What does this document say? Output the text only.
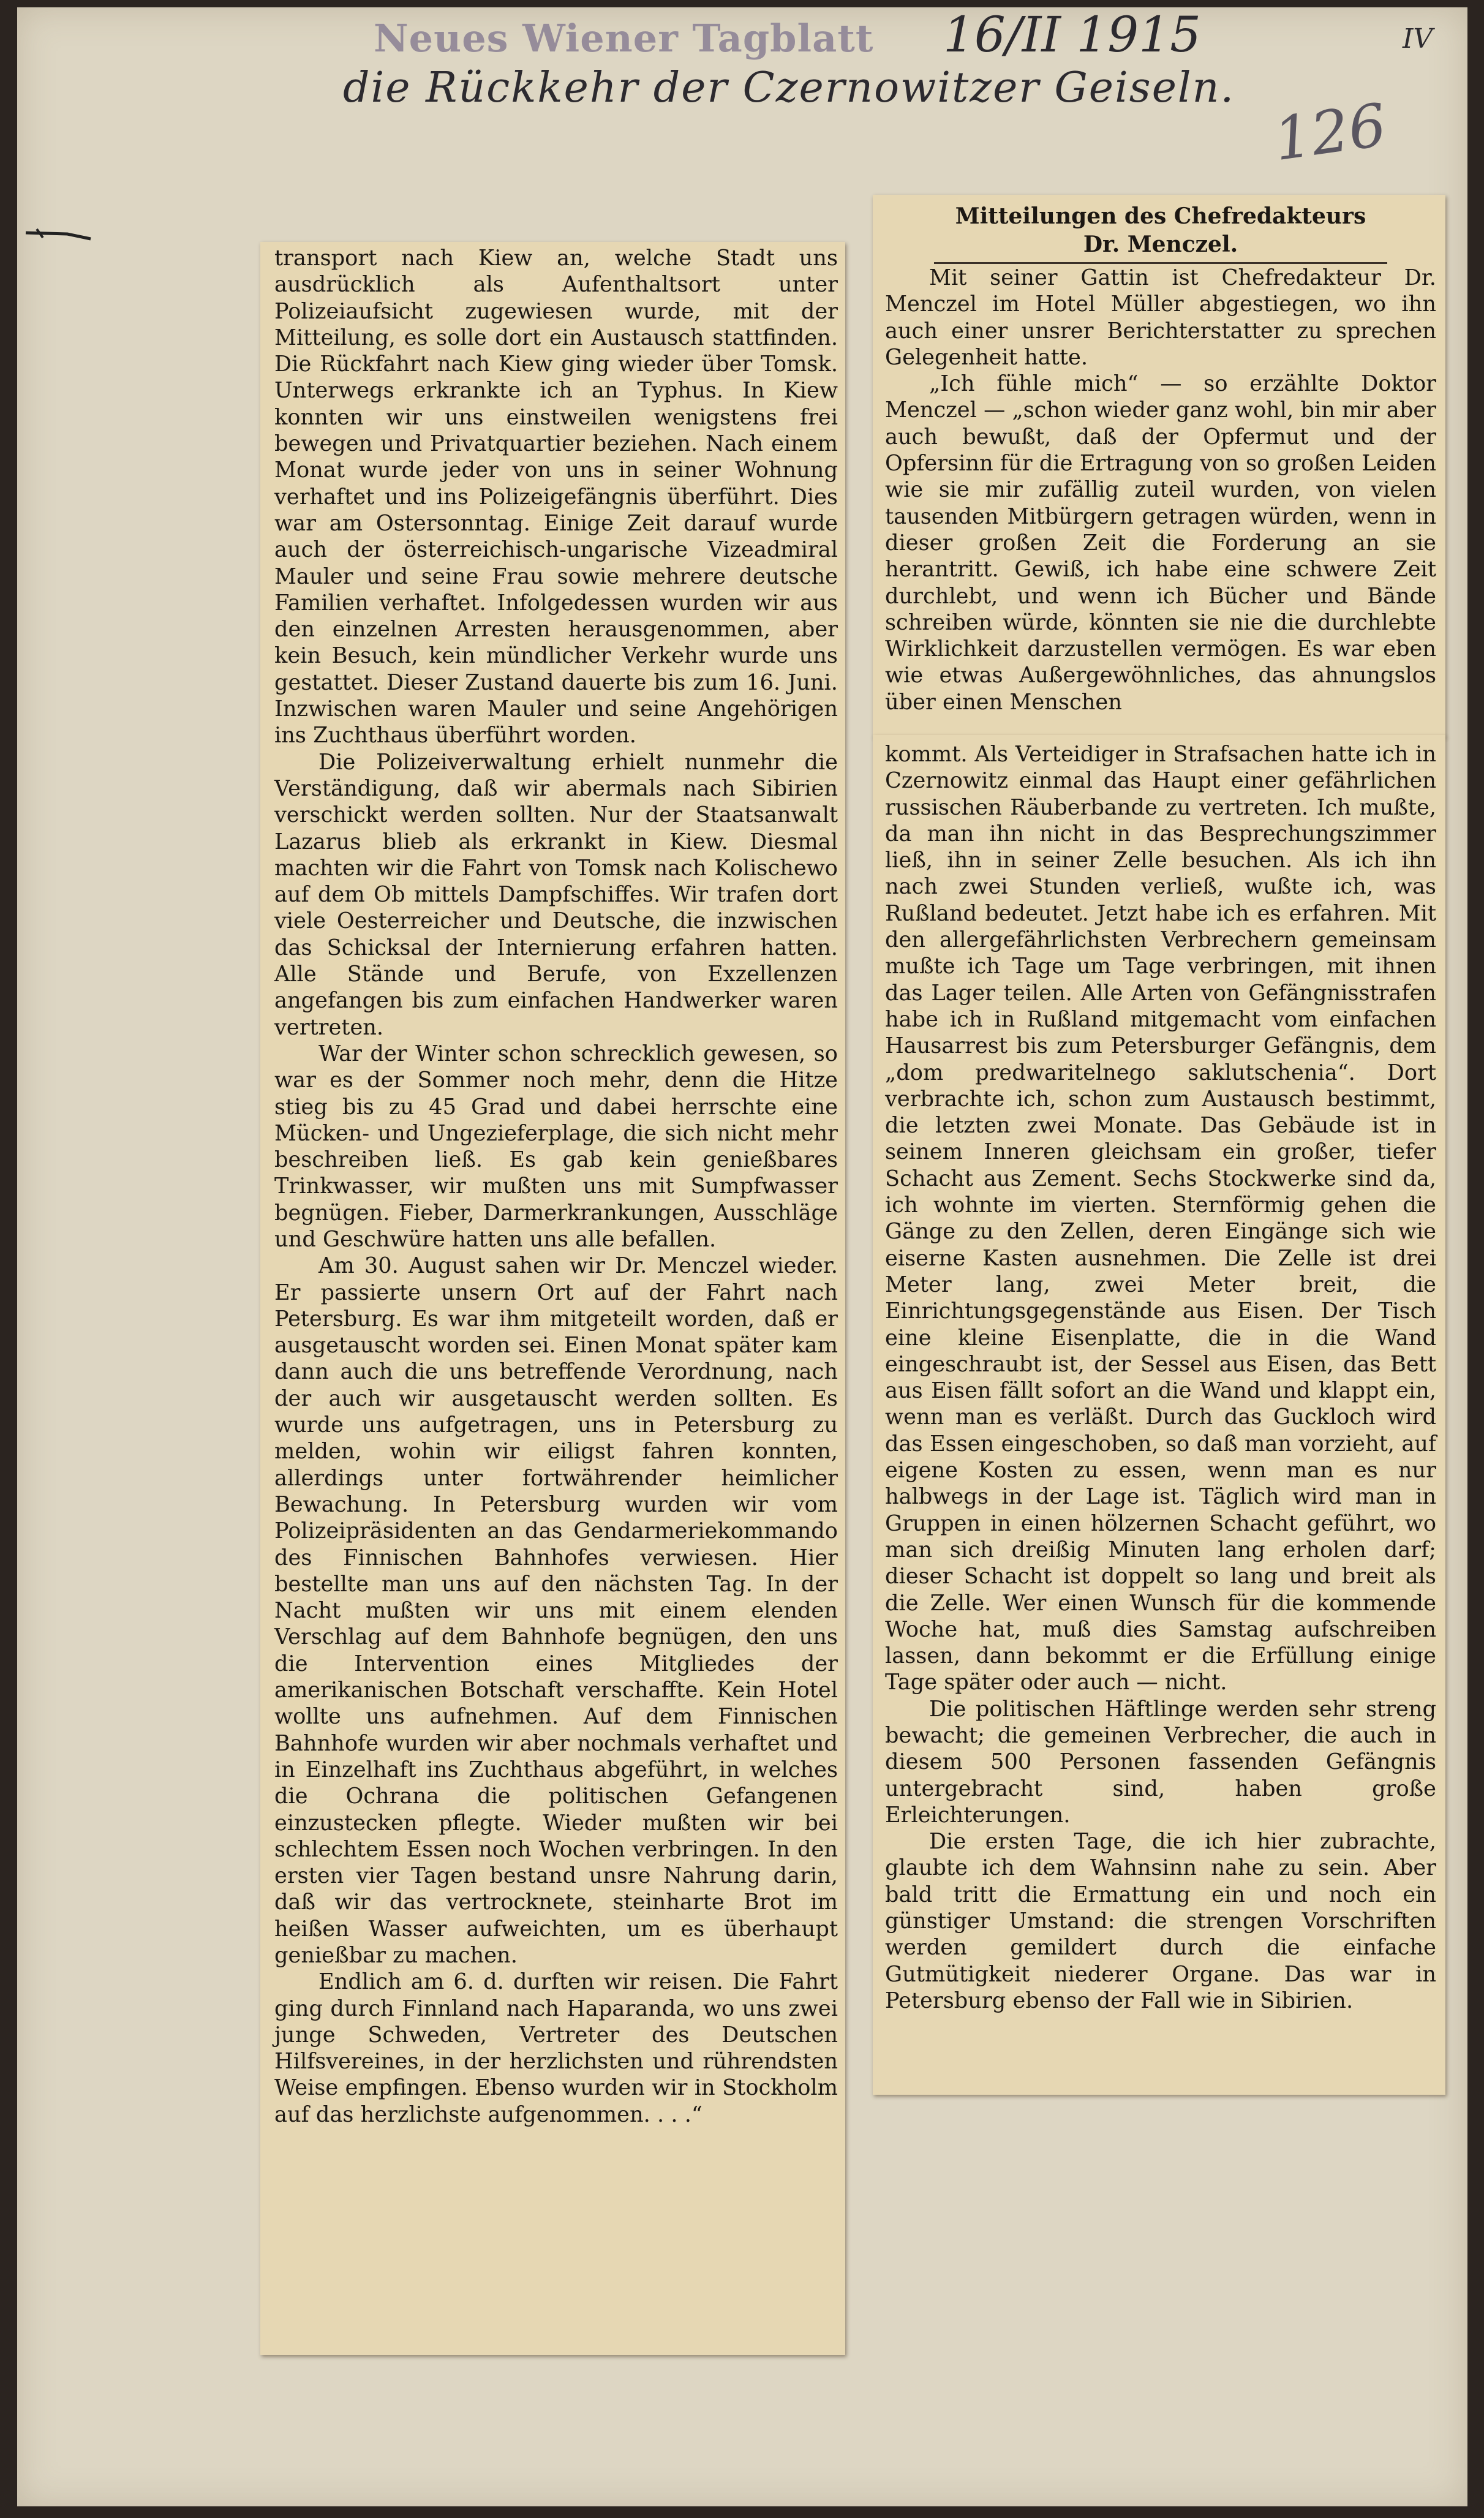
Neues Wiener Tagblatt 16/II 1915	IV
die Rückkehr der Czernowitzer Geiseln.
126

transport nach Kiew an, welche Stadt uns ausdrücklich als Aufenthaltsort unter Polizeiaufsicht zugewiesen wurde, mit der Mitteilung, es solle dort ein Austausch stattfinden. Die Rückfahrt nach Kiew ging wieder über Tomsk. Unterwegs erkrankte ich an Typhus. In Kiew konnten wir uns einstweilen wenigstens frei bewegen und Privatquartier beziehen. Nach einem Monat wurde jeder von uns in seiner Wohnung verhaftet und ins Polizeigefängnis überführt. Dies war am Ostersonntag. Einige Zeit darauf wurde auch der österreichisch-ungarische Vizeadmiral Mauler und seine Frau sowie mehrere deutsche Familien verhaftet. Infolgedessen wurden wir aus den einzelnen Arresten herausgenommen, aber kein Besuch, kein mündlicher Verkehr wurde uns gestattet. Dieser Zustand dauerte bis zum 16. Juni. Inzwischen waren Mauler und seine Angehörigen ins Zuchthaus überführt worden.

Die Polizeiverwaltung erhielt nunmehr die Verständigung, daß wir abermals nach Sibirien verschickt werden sollten. Nur der Staatsanwalt Lazarus blieb als erkrankt in Kiew. Diesmal machten wir die Fahrt von Tomsk nach Kolischewo auf dem Ob mittels Dampfschiffes. Wir trafen dort viele Oesterreicher und Deutsche, die inzwischen das Schicksal der Internierung erfahren hatten. Alle Stände und Berufe, von Exzellenzen angefangen bis zum einfachen Handwerker waren vertreten.

War der Winter schon schrecklich gewesen, so war es der Sommer noch mehr, denn die Hitze stieg bis zu 45 Grad und dabei herrschte eine Mücken- und Ungezieferplage, die sich nicht mehr beschreiben ließ. Es gab kein genießbares Trinkwasser, wir mußten uns mit Sumpfwasser begnügen. Fieber, Darmerkrankungen, Ausschläge und Geschwüre hatten uns alle befallen.

Am 30. August sahen wir Dr. Menczel wieder. Er passierte unsern Ort auf der Fahrt nach Petersburg. Es war ihm mitgeteilt worden, daß er ausgetauscht worden sei. Einen Monat später kam dann auch die uns betreffende Verordnung, nach der auch wir ausgetauscht werden sollten. Es wurde uns aufgetragen, uns in Petersburg zu melden, wohin wir eiligst fahren konnten, allerdings unter fortwährender heimlicher Bewachung. In Petersburg wurden wir vom Polizeipräsidenten an das Gendarmeriekommando des Finnischen Bahnhofes verwiesen. Hier bestellte man uns auf den nächsten Tag. In der Nacht mußten wir uns mit einem elenden Verschlag auf dem Bahnhofe begnügen, den uns die Intervention eines Mitgliedes der amerikanischen Botschaft verschaffte. Kein Hotel wollte uns aufnehmen. Auf dem Finnischen Bahnhofe wurden wir aber nochmals verhaftet und in Einzelhaft ins Zuchthaus abgeführt, in welches die Ochrana die politischen Gefangenen einzustecken pflegte. Wieder mußten wir bei schlechtem Essen noch Wochen verbringen. In den ersten vier Tagen bestand unsre Nahrung darin, daß wir das vertrocknete, steinharte Brot im heißen Wasser aufweichten, um es überhaupt genießbar zu machen.

Endlich am 6. d. durften wir reisen. Die Fahrt ging durch Finnland nach Haparanda, wo uns zwei junge Schweden, Vertreter des Deutschen Hilfsvereines, in der herzlichsten und rührendsten Weise empfingen. Ebenso wurden wir in Stockholm auf das herzlichste aufgenommen. . . .“

Mitteilungen des Chefredakteurs
Dr. Menczel.

Mit seiner Gattin ist Chefredakteur Dr. Menczel im Hotel Müller abgestiegen, wo ihn auch einer unsrer Berichterstatter zu sprechen Gelegenheit hatte.

„Ich fühle mich“ — so erzählte Doktor Menczel — „schon wieder ganz wohl, bin mir aber auch bewußt, daß der Opfermut und der Opfersinn für die Ertragung von so großen Leiden wie sie mir zufällig zuteil wurden, von vielen tausenden Mitbürgern getragen würden, wenn in dieser großen Zeit die Forderung an sie herantritt. Gewiß, ich habe eine schwere Zeit durchlebt, und wenn ich Bücher und Bände schreiben würde, könnten sie nie die durchlebte Wirklichkeit darzustellen vermögen. Es war eben wie etwas Außergewöhnliches, das ahnungslos über einen Menschen

kommt. Als Verteidiger in Strafsachen hatte ich in Czernowitz einmal das Haupt einer gefährlichen russischen Räuberbande zu vertreten. Ich mußte, da man ihn nicht in das Besprechungszimmer ließ, ihn in seiner Zelle besuchen. Als ich ihn nach zwei Stunden verließ, wußte ich, was Rußland bedeutet. Jetzt habe ich es erfahren. Mit den allergefährlichsten Verbrechern gemeinsam mußte ich Tage um Tage verbringen, mit ihnen das Lager teilen. Alle Arten von Gefängnisstrafen habe ich in Rußland mitgemacht vom einfachen Hausarrest bis zum Petersburger Gefängnis, dem „dom predwaritelnego saklutschenia“. Dort verbrachte ich, schon zum Austausch bestimmt, die letzten zwei Monate. Das Gebäude ist in seinem Inneren gleichsam ein großer, tiefer Schacht aus Zement. Sechs Stockwerke sind da, ich wohnte im vierten. Sternförmig gehen die Gänge zu den Zellen, deren Eingänge sich wie eiserne Kasten ausnehmen. Die Zelle ist drei Meter lang, zwei Meter breit, die Einrichtungsgegenstände aus Eisen. Der Tisch eine kleine Eisenplatte, die in die Wand eingeschraubt ist, der Sessel aus Eisen, das Bett aus Eisen fällt sofort an die Wand und klappt ein, wenn man es verläßt. Durch das Guckloch wird das Essen eingeschoben, so daß man vorzieht, auf eigene Kosten zu essen, wenn man es nur halbwegs in der Lage ist. Täglich wird man in Gruppen in einen hölzernen Schacht geführt, wo man sich dreißig Minuten lang erholen darf; dieser Schacht ist doppelt so lang und breit als die Zelle. Wer einen Wunsch für die kommende Woche hat, muß dies Samstag aufschreiben lassen, dann bekommt er die Erfüllung einige Tage später oder auch — nicht.

Die politischen Häftlinge werden sehr streng bewacht; die gemeinen Verbrecher, die auch in diesem 500 Personen fassenden Gefängnis untergebracht sind, haben große Erleichterungen.

Die ersten Tage, die ich hier zubrachte, glaubte ich dem Wahnsinn nahe zu sein. Aber bald tritt die Ermattung ein und noch ein günstiger Umstand: die strengen Vorschriften werden gemildert durch die einfache Gutmütigkeit niederer Organe. Das war in Petersburg ebenso der Fall wie in Sibirien.
